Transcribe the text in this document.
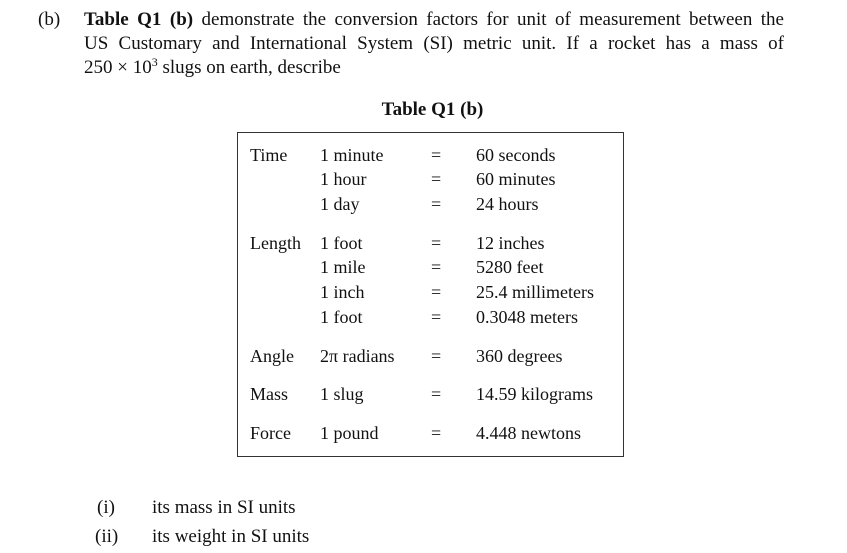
(b) Table Q1 (b) demonstrate the conversion factors for unit of measurement between the
US Customary and International System (SI) metric unit. If a rocket has a mass of
$250 \times 10^3$ slugs on earth, describe
Table Q1 (b)
Time 1 minute	= 60 seconds
1 hour	= 60 minutes
1 day	= 24 hours
Length 1 foot	= 12 inches
1 mile	= 5280 feet
1 inch	= 25.4 millimeters
1 foot	= 0.3048 meters
Angle 2π radians = 360 degrees
Mass 1 slug	= 14.59 kilograms
Force 1 pound	= 4.448 newtons
(i) its mass in SI units
(ii) its weight in SI units
